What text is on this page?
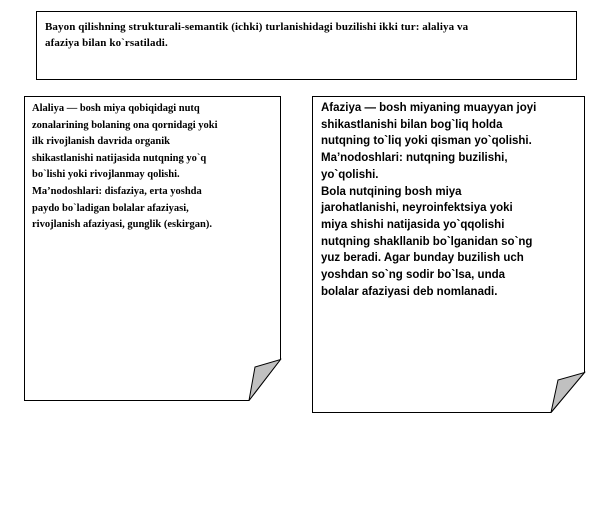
Bayon qilishning strukturali-semantik (ichki) turlanishidagi buzilishi ikki tur: alaliya va
afaziya bilan ko`rsatiladi.
Alaliya — bosh miya qobiqidagi nutq
zonalarining bolaning ona qornidagi yoki
ilk rivojlanish davrida organik
shikastlanishi natijasida nutqning yo`q
bo`lishi yoki rivojlanmay qolishi.
Ma’nodoshlari: disfaziya, erta yoshda
paydo bo`ladigan bolalar afaziyasi,
rivojlanish afaziyasi, gunglik (eskirgan).
Afaziya — bosh miyaning muayyan joyi
shikastlanishi bilan bog`liq holda
nutqning to`liq yoki qisman yo`qolishi.
Ma’nodoshlari: nutqning buzilishi,
yo`qolishi.
Bola nutqining bosh miya
jarohatlanishi, neyroinfektsiya yoki
miya shishi natijasida yo`qqolishi
nutqning shakllanib bo`lganidan so`ng
yuz beradi. Agar bunday buzilish uch
yoshdan so`ng sodir bo`lsa, unda
bolalar afaziyasi deb nomlanadi.
